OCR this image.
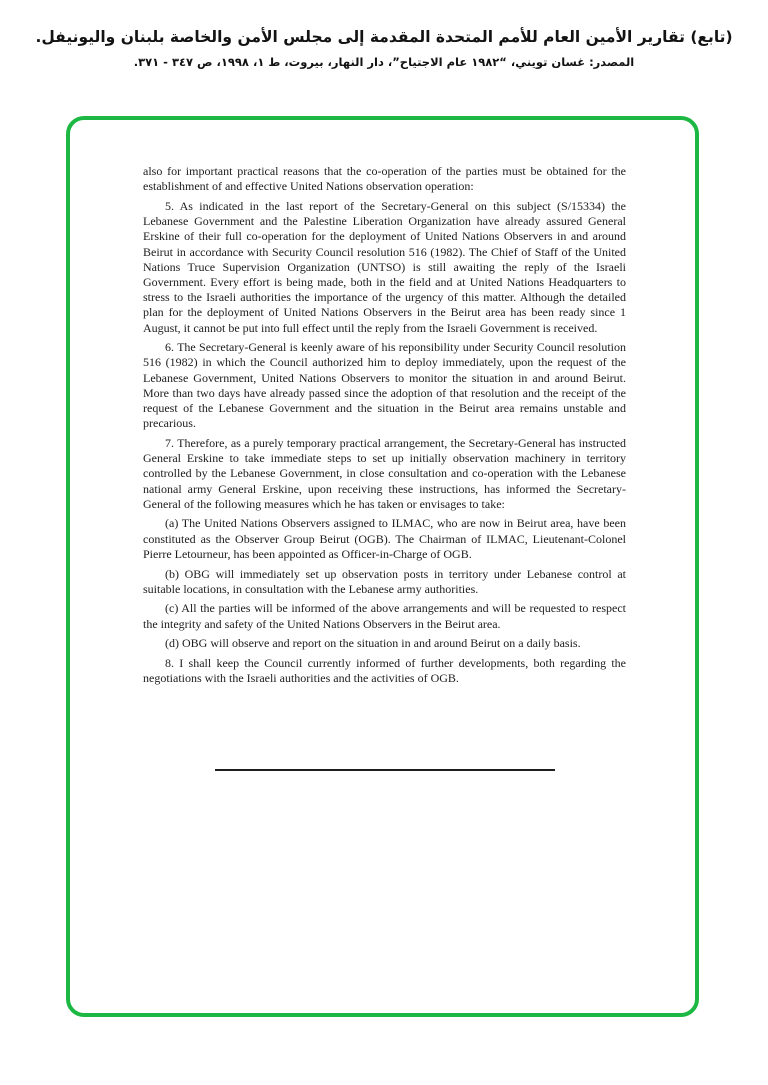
(تابع) تقارير الأمين العام للأمم المتحدة المقدمة إلى مجلس الأمن والخاصة بلبنان واليونيفل.
المصدر: غسان تويني، “١٩٨٢ عام الاجتياح”، دار النهار، بيروت، ط ١، ١٩٩٨، ص ٣٤٧ - ٣٧١.

also for important practical reasons that the co-operation of the parties must be obtained for the establishment of and effective United Nations observation operation:

5. As indicated in the last report of the Secretary-General on this subject (S/15334) the Lebanese Government and the Palestine Liberation Organization have already assured General Erskine of their full co-operation for the deployment of United Nations Observers in and around Beirut in accordance with Security Council resolution 516 (1982). The Chief of Staff of the United Nations Truce Supervision Organization (UNTSO) is still awaiting the reply of the Israeli Government. Every effort is being made, both in the field and at United Nations Headquarters to stress to the Israeli authorities the importance of the urgency of this matter. Although the detailed plan for the deployment of United Nations Observers in the Beirut area has been ready since 1 August, it cannot be put into full effect until the reply from the Israeli Government is received.

6. The Secretary-General is keenly aware of his reponsibility under Security Council resolution 516 (1982) in which the Council authorized him to deploy immediately, upon the request of the Lebanese Government, United Nations Observers to monitor the situation in and around Beirut. More than two days have already passed since the adoption of that resolution and the receipt of the request of the Lebanese Government and the situation in the Beirut area remains unstable and precarious.

7. Therefore, as a purely temporary practical arrangement, the Secretary-General has instructed General Erskine to take immediate steps to set up initially observation machinery in territory controlled by the Lebanese Government, in close consultation and co-operation with the Lebanese national army General Erskine, upon receiving these instructions, has informed the Secretary-General of the following measures which he has taken or envisages to take:

(a) The United Nations Observers assigned to ILMAC, who are now in Beirut area, have been constituted as the Observer Group Beirut (OGB). The Chairman of ILMAC, Lieutenant-Colonel Pierre Letourneur, has been appointed as Officer-in-Charge of OGB.

(b) OBG will immediately set up observation posts in territory under Lebanese control at suitable locations, in consultation with the Lebanese army authorities.

(c) All the parties will be informed of the above arrangements and will be requested to respect the integrity and safety of the United Nations Observers in the Beirut area.

(d) OBG will observe and report on the situation in and around Beirut on a daily basis.

8. I shall keep the Council currently informed of further developments, both regarding the negotiations with the Israeli authorities and the activities of OGB.
